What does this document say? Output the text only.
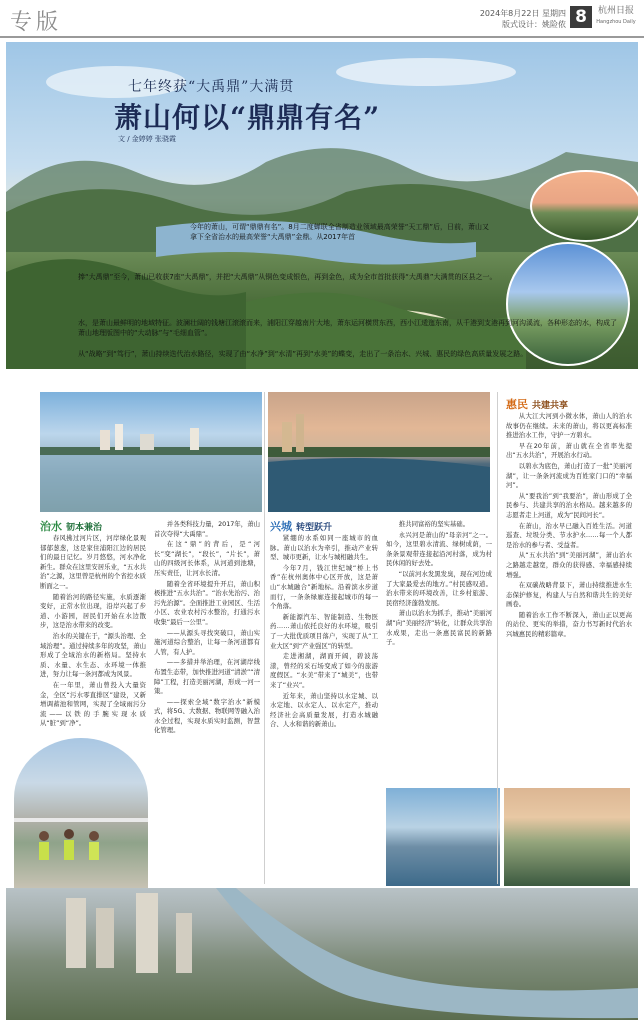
专版	2024年8月22日 星期四
版式设计：姚险侬 8	杭州日报
Hangzhou Daily
七年终获“大禹鼎”大满贯
萧山何以“鼎鼎有名”
文 / 金婷婷 张骁霞
今年的萧山，可谓“鼎鼎有名”。8月二度蝉联全省制造业领域最高荣誉“天工鼎”后，日前，萧山又拿下全省治水的最高荣誉“大禹鼎”金鼎。从2017年首
捧“大禹鼎”至今，萧山已收获7座“大禹鼎”，并把“大禹鼎”从铜色变成银色，再到金色，成为全市首批获得“大禹鼎”大满贯的区县之一。
水，是萧山最鲜明的地域特征。波澜壮阔的钱塘江滚滚而来，浦阳江穿越南片大地，萧东运河横贯东西，西小江逶迤东南，从千港到支港再到河沟溪流，各种形态的水，构成了萧山地理版图中的“大动脉”与“毛细血管”。
从“战略”到“笃行”，萧山持续迭代治水路径，实现了由“水净”到“水清”再到“水美”的蝶变，走出了一条治水、兴城、惠民的绿色高质量发展之路。
治水 韧本兼治

春风拂过河片区，河岸绿化景观郁郁葱葱，这是家住浦阳江边的居民们的最日记忆。岁月悠悠，河水净化新生。群众在这里安居乐业，“五水共治”之源，这里曾是杭州的个省控水质断面之一。

随着治河的路径实施，水质逐渐变好，正常水位出现，沿岸兴起了步道、小游园，居民们开始在水边散步，这是治水带来的改变。

治水的关键在于，“源头治理、全域治理”。通过持续多年的攻坚，萧山形成了全域治水的新格局。坚持水质、水量、水生态、水环境一体推进，努力让每一条河都成为风景。

在一年里，萧山曾投入大量资金，全区“污水零直排区”建设，又新增调蓄池和管网，实现了全域雨污分流——以铁的手腕实现水质从“脏”到“净”。

并各类科技力量，2017年，萧山首次夺得“大禹鼎”。

在这“鼎”的背后，是“河长”变“湖长”，“段长”，“片长”，萧山的四级河长体系，从河道到池塘，压实责任，让河水长清。

随着全省环境提升开启，萧山积极推进“五水共治”。“治水先治污、治污先治源”。全面推进工业园区、生活小区、农业农村污水整治，打通污水收集“最后一公里”。

——从源头寻找突破口，萧山实施河道综合整治，让每一条河道都有人管，有人护。

——多措并举治理，在河湖岸线布置生态带，加快推进河道“清淤”“清障”工程，打造美丽河湖，形成一河一策。

——探索全域“数字治水”新模式，将5G、大数据、物联网等融入治水全过程，实现水质实时监测，智慧化管理。

兴城 转型跃升

紧绷的水系如同一座城市的血脉。萧山以治水为牵引，推动产业转型、城市更新，让水与城相融共生。

今年7月，钱江世纪城“桥上书香”在杭州奥体中心区开放，这是萧山“水城融合”新地标。沿着滨水步道而行，一条条绿廊连接起城市的每一个角落。

新能源汽车、智能制造、生物医药……萧山依托良好的水环境，吸引了一大批优质项目落户，实现了从“工业大区”到“产业强区”的转型。

走进湘湖，湖面开阔，碧波荡漾，曾经的采石场变成了如今的旅游度假区。“水美”带来了“城美”，也带来了“业兴”。

近年来，萧山坚持以水定城、以水定地、以水定人、以水定产，推动经济社会高质量发展，打造水城融合、人水和谐的新萧山。

推共同富裕的坚实基础。

永兴河是萧山的“母亲河”之一。如今，这里碧水清流、绿树成荫，一条条景观带连接起沿河村落，成为村民休闲的好去处。

“以前河水发黑发臭，现在河边成了大家最爱去的地方。”村民感叹道。治水带来的环境改善，让乡村旅游、民宿经济蓬勃发展。

萧山以治水为抓手，推动“美丽河湖”向“美丽经济”转化，让群众共享治水成果，走出一条惠民富民的新路子。

惠民 共建共享

从大江大河到小微水体，萧山人的治水故事仍在继续。未来的萧山，将以更高标准推进治水工作，守护一方碧水。

早在20年前，萧山就在全省率先提出“五水共治”，开展治水行动。

以碧水为底色，萧山打造了一批“美丽河湖”，让一条条河流成为百姓家门口的“幸福河”。

从“要我治”到“我要治”，萧山形成了全民参与、共建共享的治水格局。越来越多的志愿者走上河道，成为“民间河长”。

在萧山，治水早已融入百姓生活。河道巡查、垃圾分类、节水护水……每一个人都是治水的参与者、受益者。

从“五水共治”到“美丽河湖”，萧山治水之路越走越宽，群众的获得感、幸福感持续增强。

在双碳战略背景下，萧山持续推进水生态保护修复，构建人与自然和谐共生的美好画卷。

随着治水工作不断深入，萧山正以更高的站位、更实的举措，奋力书写新时代治水兴城惠民的精彩篇章。
